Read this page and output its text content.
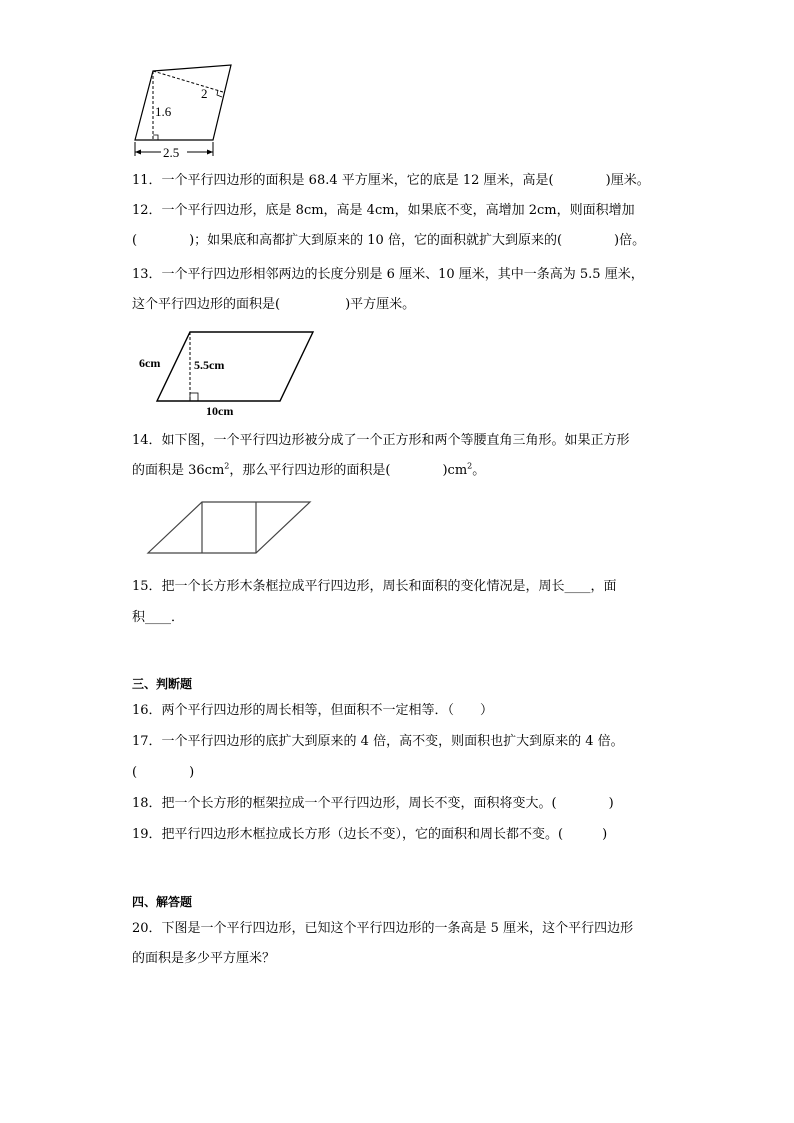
1.6
2
2.5
11．一个平行四边形的面积是 68.4 平方厘米，它的底是 12 厘米，高是(　　　　)厘米。
12．一个平行四边形，底是 8cm，高是 4cm，如果底不变，高增加 2cm，则面积增加
(　　　　)；如果底和高都扩大到原来的 10 倍，它的面积就扩大到原来的(　　　　)倍。
13．一个平行四边形相邻两边的长度分别是 6 厘米、10 厘米，其中一条高为 5.5 厘米，
这个平行四边形的面积是(　　　　　)平方厘米。
6cm	5.5cm
10cm
14．如下图，一个平行四边形被分成了一个正方形和两个等腰直角三角形。如果正方形
的面积是 $36cm^2$，那么平行四边形的面积是(　　　　)$cm^2$。
15．把一个长方形木条框拉成平行四边形，周长和面积的变化情况是，周长____，面
积____．
三、判断题
16．两个平行四边形的周长相等，但面积不一定相等．（　　）
17．一个平行四边形的底扩大到原来的 4 倍，高不变，则面积也扩大到原来的 4 倍。
(　　　　)
18．把一个长方形的框架拉成一个平行四边形，周长不变，面积将变大。(　　　　)
19．把平行四边形木框拉成长方形（边长不变），它的面积和周长都不变。(　　　)
四、解答题
20．下图是一个平行四边形，已知这个平行四边形的一条高是 5 厘米，这个平行四边形
的面积是多少平方厘米？
